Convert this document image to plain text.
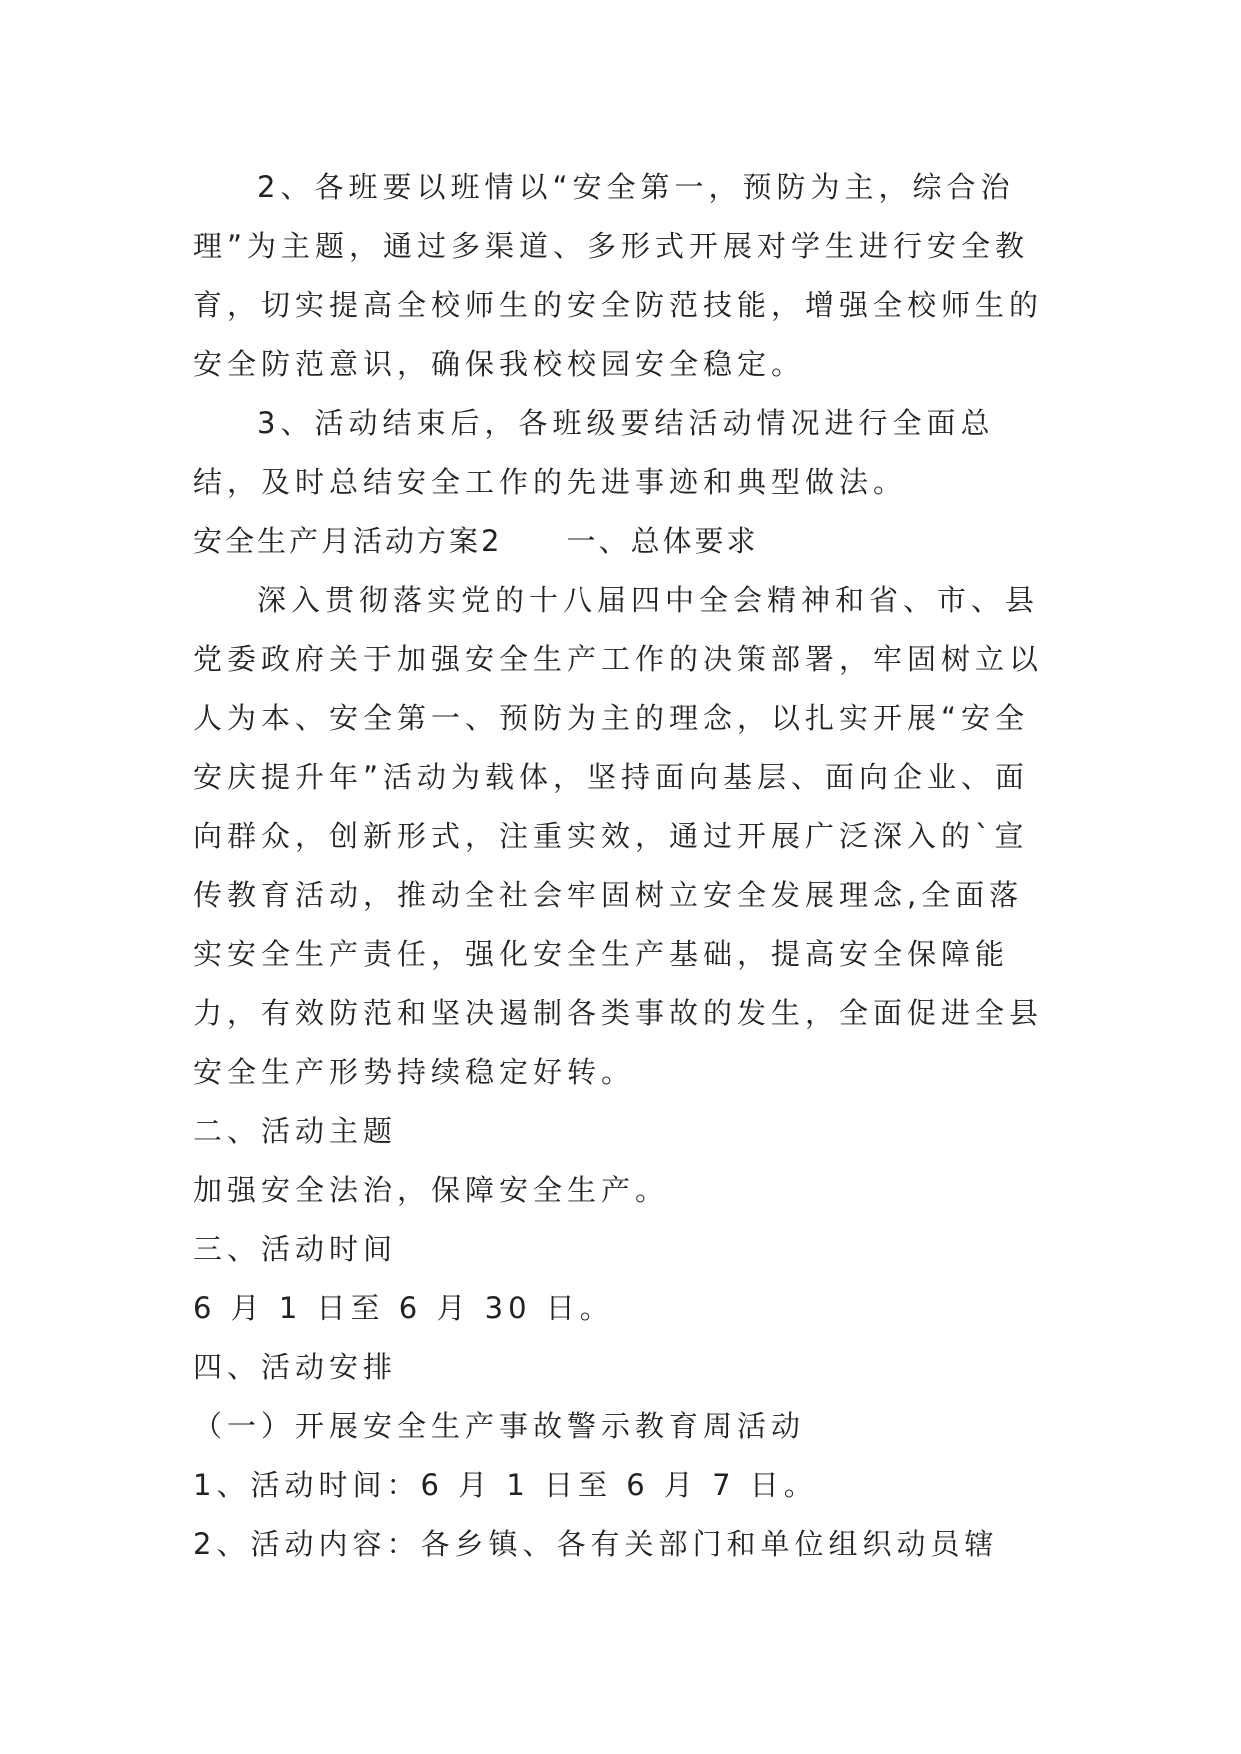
2、各班要以班情以“安全第一，预防为主，综合治理”为主题，通过多渠道、多形式开展对学生进行安全教育，切实提高全校师生的安全防范技能，增强全校师生的安全防范意识，确保我校校园安全稳定。

3、活动结束后，各班级要结活动情况进行全面总结，及时总结安全工作的先进事迹和典型做法。

安全生产月活动方案2　　一、总体要求

深入贯彻落实党的十八届四中全会精神和省、市、县党委政府关于加强安全生产工作的决策部署，牢固树立以人为本、安全第一、预防为主的理念，以扎实开展“安全安庆提升年”活动为载体，坚持面向基层、面向企业、面向群众，创新形式，注重实效，通过开展广泛深入的`宣传教育活动，推动全社会牢固树立安全发展理念,全面落实安全生产责任，强化安全生产基础，提高安全保障能力，有效防范和坚决遏制各类事故的发生，全面促进全县安全生产形势持续稳定好转。

二、活动主题

加强安全法治，保障安全生产。

三、活动时间

6 月 1 日至 6 月 30 日。

四、活动安排

（一）开展安全生产事故警示教育周活动

1、活动时间：6 月 1 日至 6 月 7 日。

2、活动内容：各乡镇、各有关部门和单位组织动员辖
